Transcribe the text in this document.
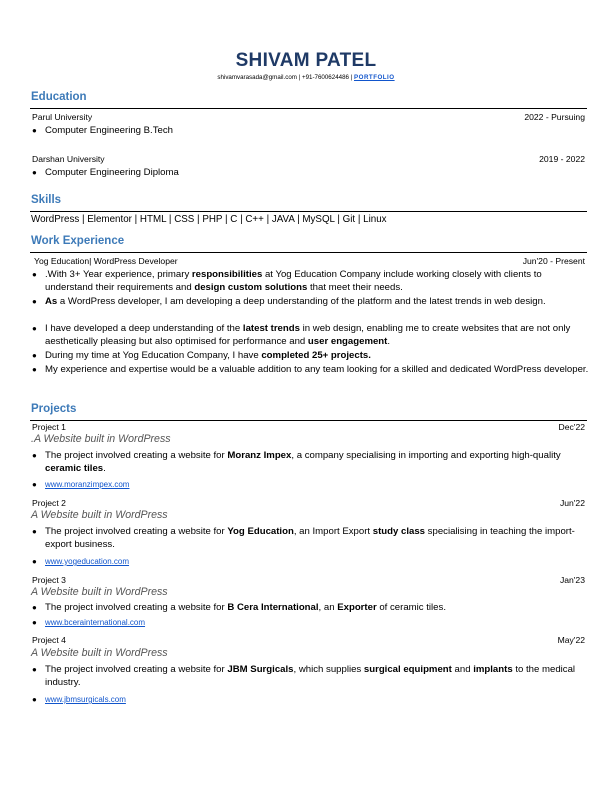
SHIVAM PATEL
shivamvarasada@gmail.com | +91-7600624486 | PORTFOLIO
Education
Parul University	2022 - Pursuing
● Computer Engineering B.Tech
Darshan University	2019 - 2022
● Computer Engineering Diploma
Skills
WordPress | Elementor | HTML | CSS | PHP | C | C++ | JAVA | MySQL | Git | Linux
Work Experience
Yog Education| WordPress Developer	Jun'20 - Present
● .With 3+ Year experience, primary responsibilities at Yog Education Company include working closely with clients to understand their requirements and design custom solutions that meet their needs.
● As a WordPress developer, I am developing a deep understanding of the platform and the latest trends in web design.
● I have developed a deep understanding of the latest trends in web design, enabling me to create websites that are not only aesthetically pleasing but also optimised for performance and user engagement.
● During my time at Yog Education Company, I have completed 25+ projects.
● My experience and expertise would be a valuable addition to any team looking for a skilled and dedicated WordPress developer.
Projects
Project 1	Dec'22
.A Website built in WordPress
● The project involved creating a website for Moranz Impex, a company specialising in importing and exporting high-quality ceramic tiles.
●	www.moranzimpex.com
Project 2	Jun'22
A Website built in WordPress
● The project involved creating a website for Yog Education, an Import Export study class specialising in teaching the import-export business.
●	www.yogeducation.com
Project 3	Jan'23
A Website built in WordPress
● The project involved creating a website for B Cera International, an Exporter of ceramic tiles.
●	www.bcerainternational.com
Project 4	May'22
A Website built in WordPress
● The project involved creating a website for JBM Surgicals, which supplies surgical equipment and implants to the medical industry.
●	www.jbmsurgicals.com
